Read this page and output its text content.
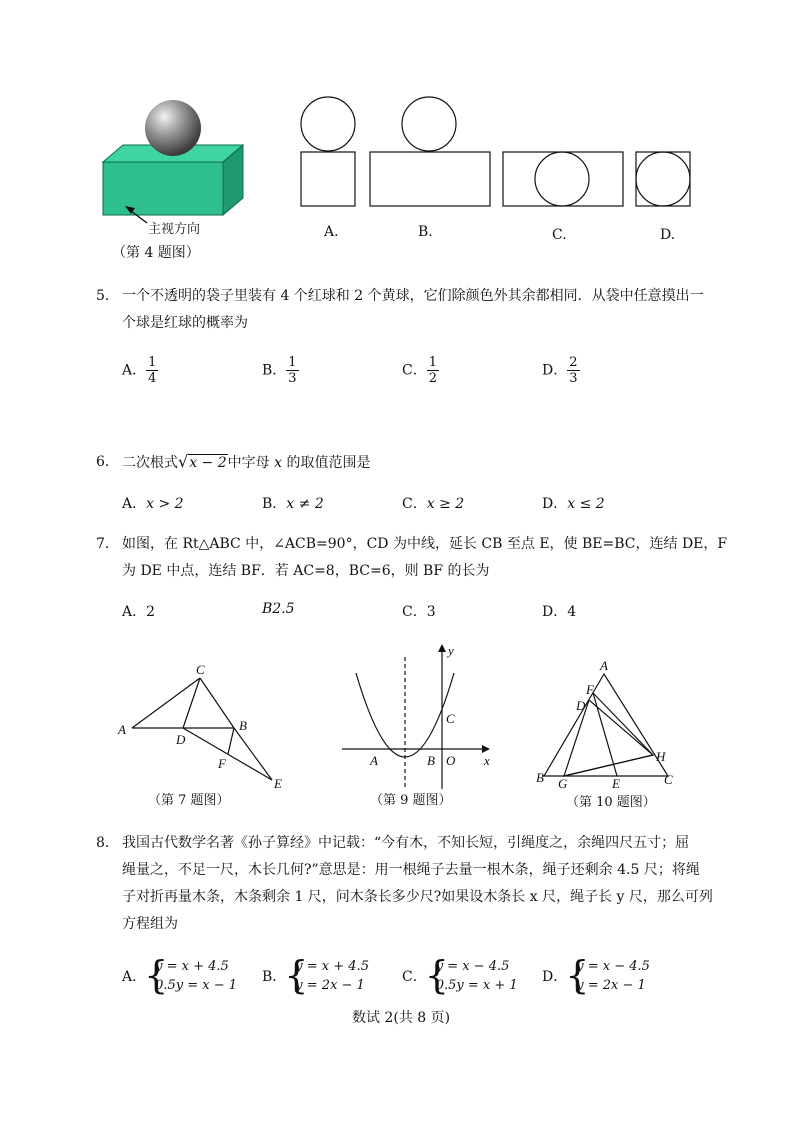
主视方向
（第 4 题图）
A.	B.	C.	D.
5． 一个不透明的袋子里装有 4 个红球和 2 个黄球，它们除颜色外其余都相同．从袋中任意摸出一
个球是红球的概率为
A． $\frac{1}{4}$	B． $\frac{1}{3}$	C． $\frac{1}{2}$	D． $\frac{2}{3}$
6． 二次根式√x − 2中字母 x 的取值范围是
A．x > 2	B．x ≠ 2	C．x ≥ 2	D．x ≤ 2
7． 如图，在 Rt△ABC 中，∠ACB=90°，CD 为中线，延长 CB 至点 E，使 BE=BC，连结 DE，F
为 DE 中点，连结 BF．若 AC=8，BC=6，则 BF 的长为
A．2	B2.5	C．3	D．4
A	B
C
D
E
F
（第 7 题图）
y
x
A	B O
C
（第 9 题图）
A
B	C
D
E
F
G
H
（第 10 题图）
8． 我国古代数学名著《孙子算经》中记载：“今有木，不知长短，引绳度之，余绳四尺五寸；屈
绳量之，不足一尺，木长几何?”意思是：用一根绳子去量一根木条，绳子还剩余 4.5 尺；将绳
子对折再量木条，木条剩余 1 尺，问木条长多少尺?如果设木条长 x 尺，绳子长 y 尺，那么可列
方程组为
A．
{ y = x + 4.5
0.5y = x − 1
B．
{ y = x + 4.5
y = 2x − 1
C．
{ y = x − 4.5
0.5y = x + 1
D．
{ y = x − 4.5
y = 2x − 1
数试 2(共 8 页)
